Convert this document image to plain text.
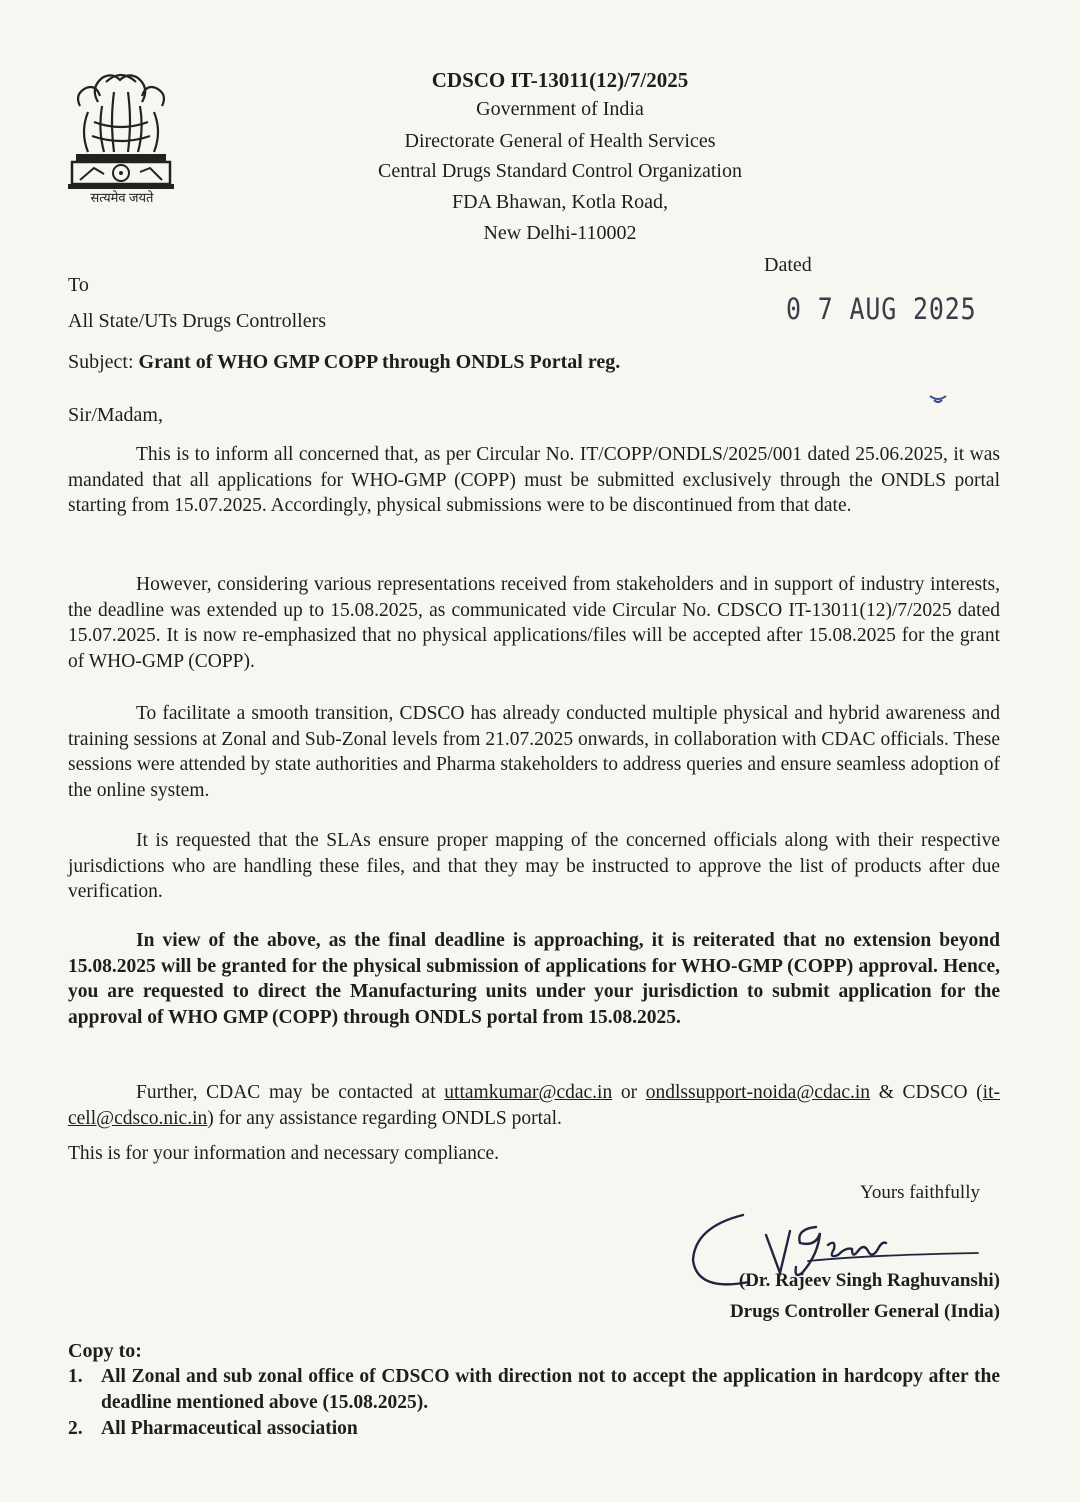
सत्यमेव जयते
CDSCO IT-13011(12)/7/2025
Government of India
Directorate General of Health Services
Central Drugs Standard Control Organization
FDA Bhawan, Kotla Road,
New Delhi-110002
Dated
0 7 AUG 2025
To
All State/UTs Drugs Controllers
Subject: Grant of WHO GMP COPP through ONDLS Portal reg.
Sir/Madam,
This is to inform all concerned that, as per Circular No. IT/COPP/ONDLS/2025/001 dated 25.06.2025, it was mandated that all applications for WHO-GMP (COPP) must be submitted exclusively through the ONDLS portal starting from 15.07.2025. Accordingly, physical submissions were to be discontinued from that date.
However, considering various representations received from stakeholders and in support of industry interests, the deadline was extended up to 15.08.2025, as communicated vide Circular No. CDSCO IT-13011(12)/7/2025 dated 15.07.2025. It is now re-emphasized that no physical applications/files will be accepted after 15.08.2025 for the grant of WHO-GMP (COPP).
To facilitate a smooth transition, CDSCO has already conducted multiple physical and hybrid awareness and training sessions at Zonal and Sub-Zonal levels from 21.07.2025 onwards, in collaboration with CDAC officials. These sessions were attended by state authorities and Pharma stakeholders to address queries and ensure seamless adoption of the online system.
It is requested that the SLAs ensure proper mapping of the concerned officials along with their respective jurisdictions who are handling these files, and that they may be instructed to approve the list of products after due verification.
In view of the above, as the final deadline is approaching, it is reiterated that no extension beyond 15.08.2025 will be granted for the physical submission of applications for WHO-GMP (COPP) approval. Hence, you are requested to direct the Manufacturing units under your jurisdiction to submit application for the approval of WHO GMP (COPP) through ONDLS portal from 15.08.2025.
Further, CDAC may be contacted at uttamkumar@cdac.in or ondlssupport-noida@cdac.in & CDSCO (it-cell@cdsco.nic.in) for any assistance regarding ONDLS portal.
This is for your information and necessary compliance.
Yours faithfully
(Dr. Rajeev Singh Raghuvanshi)
Drugs Controller General (India)
Copy to:
1. All Zonal and sub zonal office of CDSCO with direction not to accept the application in hardcopy after the deadline mentioned above (15.08.2025).
2. All Pharmaceutical association
